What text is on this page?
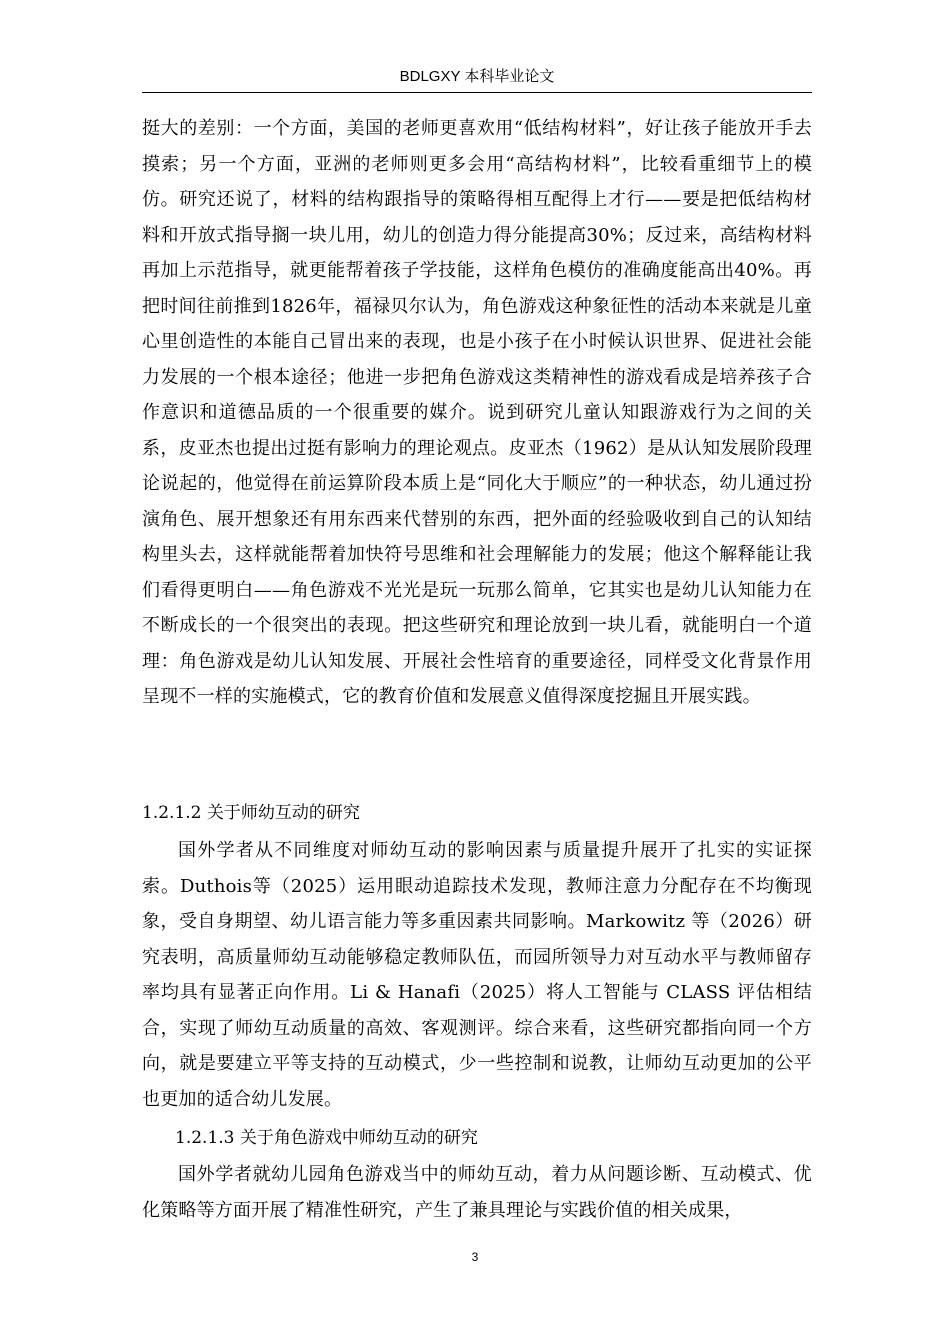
BDLGXY 本科毕业论文

挺大的差别：一个方面，美国的老师更喜欢用“低结构材料”，好让孩子能放开手去摸索；另一个方面，亚洲的老师则更多会用“高结构材料”，比较看重细节上的模仿。研究还说了，材料的结构跟指导的策略得相互配得上才行——要是把低结构材料和开放式指导搁一块儿用，幼儿的创造力得分能提高30%；反过来，高结构材料再加上示范指导，就更能帮着孩子学技能，这样角色模仿的准确度能高出40%。再把时间往前推到1826年，福禄贝尔认为，角色游戏这种象征性的活动本来就是儿童心里创造性的本能自己冒出来的表现，也是小孩子在小时候认识世界、促进社会能力发展的一个根本途径；他进一步把角色游戏这类精神性的游戏看成是培养孩子合作意识和道德品质的一个很重要的媒介。说到研究儿童认知跟游戏行为之间的关系，皮亚杰也提出过挺有影响力的理论观点。皮亚杰（1962）是从认知发展阶段理论说起的，他觉得在前运算阶段本质上是“同化大于顺应”的一种状态，幼儿通过扮演角色、展开想象还有用东西来代替别的东西，把外面的经验吸收到自己的认知结构里头去，这样就能帮着加快符号思维和社会理解能力的发展；他这个解释能让我们看得更明白——角色游戏不光光是玩一玩那么简单，它其实也是幼儿认知能力在不断成长的一个很突出的表现。把这些研究和理论放到一块儿看，就能明白一个道理：角色游戏是幼儿认知发展、开展社会性培育的重要途径，同样受文化背景作用呈现不一样的实施模式，它的教育价值和发展意义值得深度挖掘且开展实践。

1.2.1.2 关于师幼互动的研究

国外学者从不同维度对师幼互动的影响因素与质量提升展开了扎实的实证探索。Duthois等（2025）运用眼动追踪技术发现，教师注意力分配存在不均衡现象，受自身期望、幼儿语言能力等多重因素共同影响。Markowitz 等（2026）研究表明，高质量师幼互动能够稳定教师队伍，而园所领导力对互动水平与教师留存率均具有显著正向作用。Li & Hanafi（2025）将人工智能与 CLASS 评估相结合，实现了师幼互动质量的高效、客观测评。综合来看，这些研究都指向同一个方向，就是要建立平等支持的互动模式，少一些控制和说教，让师幼互动更加的公平也更加的适合幼儿发展。

1.2.1.3 关于角色游戏中师幼互动的研究

国外学者就幼儿园角色游戏当中的师幼互动，着力从问题诊断、互动模式、优化策略等方面开展了精准性研究，产生了兼具理论与实践价值的相关成果，

3
